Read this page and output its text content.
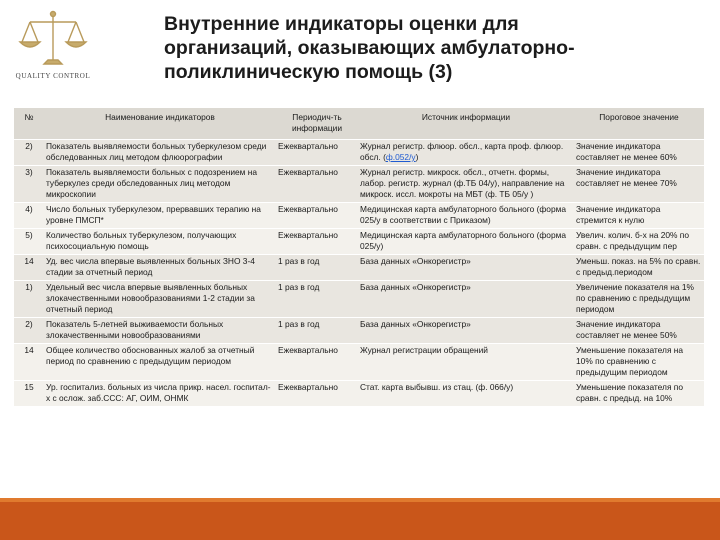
QUALITY CONTROL
Внутренние индикаторы оценки для
организаций, оказывающих амбулаторно-
поликлиническую помощь (3)
№	Наименование индикаторов	Периодич-ть информации	Источник информации	Пороговое значение
2)	Показатель выявляемости больных туберкулезом среди обследованных лиц методом флюорографии	Ежеквартально	Журнал регистр. флюор. обсл., карта проф. флюор. обсл. (ф.052/у)	Значение индикатора составляет не менее 60%
3)	Показатель выявляемости больных с подозрением на туберкулез среди обследованных лиц методом микроскопии	Ежеквартально	Журнал регистр. микроск. обсл., отчетн. формы, лабор. регистр. журнал (ф.ТБ 04/у), направление на микроск. иссл. мокроты на МБТ (ф. ТБ 05/у )	Значение индикатора составляет не менее 70%
4)	Число больных туберкулезом, прервавших терапию на уровне ПМСП*	Ежеквартально	Медицинская карта амбулаторного больного (форма 025/у в соответствии с Приказом)	Значение индикатора стремится к нулю
5)	Количество больных туберкулезом, получающих психосоциальную помощь	Ежеквартально	Медицинская карта амбулаторного больного (форма 025/у)	Увелич. колич. б-х на 20% по сравн. с предыдущим пер
14	Уд. вес числа впервые выявленных больных ЗНО 3-4 стадии за отчетный период	1 раз в год	База данных «Онкорегистр»	Уменьш. показ. на 5% по сравн. с предыд.периодом
1)	Удельный вес числа впервые выявленных больных злокачественными новообразованиями 1-2 стадии за отчетный период	1 раз в год	База данных «Онкорегистр»	Увеличение показателя на 1% по сравнению с предыдущим периодом
2)	Показатель 5-летней выживаемости больных злокачественными новообразованиями	1 раз в год	База данных «Онкорегистр»	Значение индикатора составляет не менее 50%
14	Общее количество обоснованных жалоб за отчетный период по сравнению с предыдущим периодом	Ежеквартально	Журнал регистрации обращений	Уменьшение показателя на 10% по сравнению с предыдущим периодом
15	Ур. госпитализ. больных из числа прикр. насел. госпитал-х с ослож. заб.ССС: АГ, ОИМ, ОНМК	Ежеквартально	Стат. карта выбывш. из стац. (ф. 066/у)	Уменьшение показателя по сравн. с предыд. на 10%
